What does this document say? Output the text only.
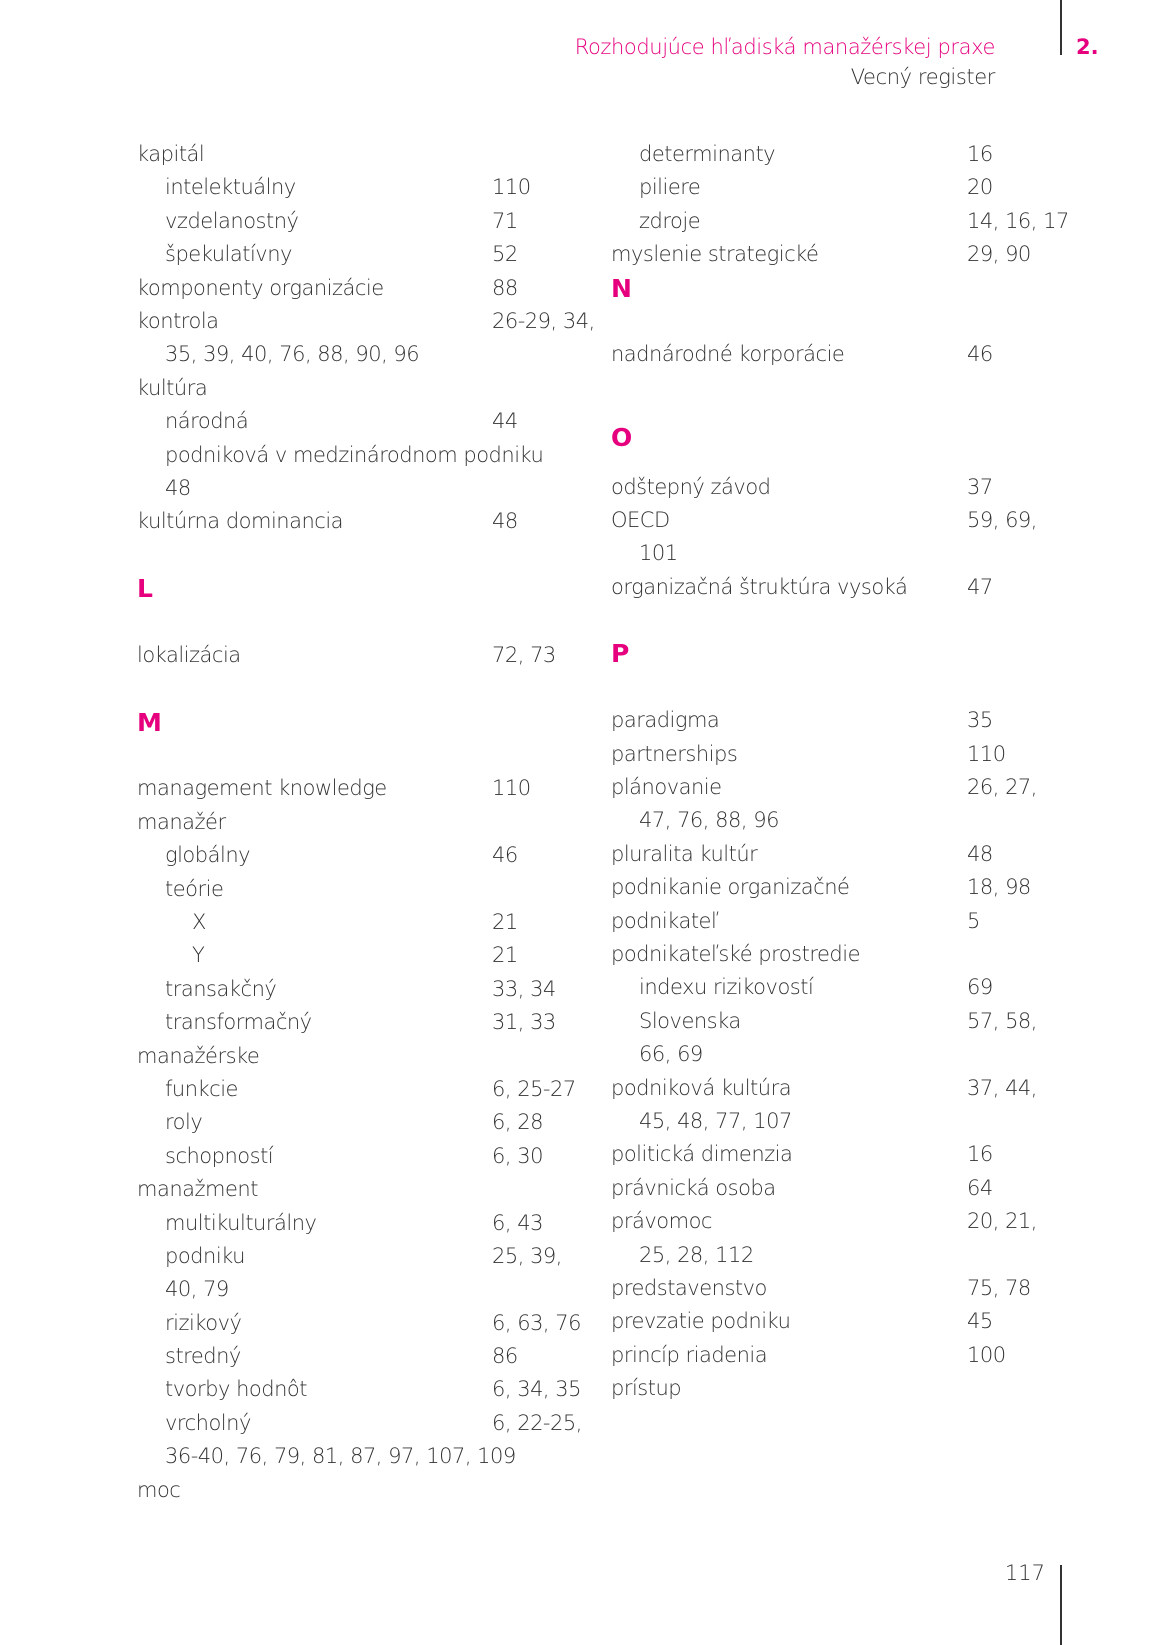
Rozhodujúce hľadiská manažérskej praxe
Vecný register
2.
kapitál
intelektuálny	110
vzdelanostný	71
špekulatívny	52
komponenty organizácie	88
kontrola	26-29, 34,
35, 39, 40, 76, 88, 90, 96
kultúra
národná	44
podniková v medzinárodnom podniku
48
kultúrna dominancia	48
L
lokalizácia	72, 73
M
management knowledge	110
manažér
globálny	46
teórie
X	21
Y	21
transakčný	33, 34
transformačný	31, 33
manažérske
funkcie	6, 25-27
roly	6, 28
schopností	6, 30
manažment
multikulturálny	6, 43
podniku	25, 39,
40, 79
rizikový	6, 63, 76
stredný	86
tvorby hodnôt	6, 34, 35
vrcholný	6, 22-25,
36-40, 76, 79, 81, 87, 97, 107, 109
moc
determinanty	16
piliere	20
zdroje	14, 16, 17
myslenie strategické	29, 90
N
nadnárodné korporácie	46
O
odštepný závod	37
OECD	59, 69,
101
organizačná štruktúra vysoká	47
P
paradigma	35
partnerships	110
plánovanie	26, 27,
47, 76, 88, 96
pluralita kultúr	48
podnikanie organizačné	18, 98
podnikateľ	5
podnikateľské prostredie
indexu rizikovostí	69
Slovenska	57, 58,
66, 69
podniková kultúra	37, 44,
45, 48, 77, 107
politická dimenzia	16
právnická osoba	64
právomoc	20, 21,
25, 28, 112
predstavenstvo	75, 78
prevzatie podniku	45
princíp riadenia	100
prístup
117
